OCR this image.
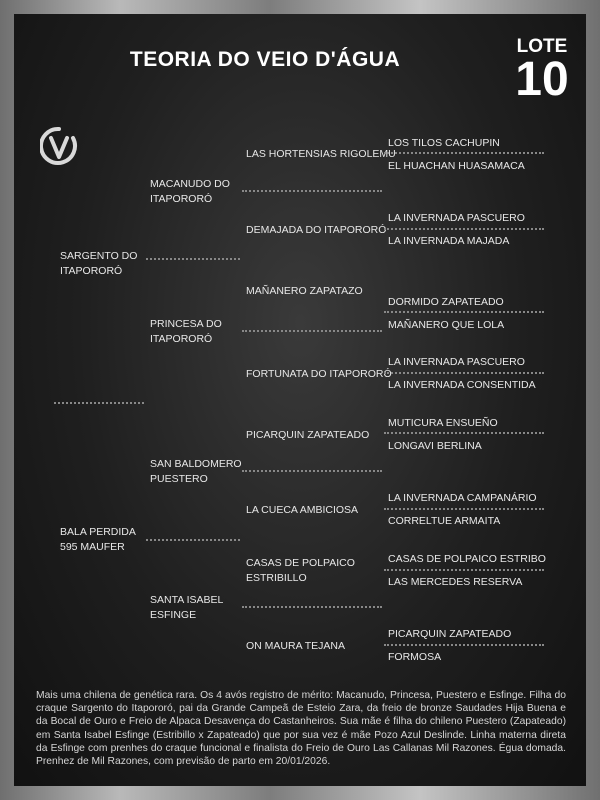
TEORIA DO VEIO D'ÁGUA
LOTE
10
SARGENTO DO
ITAPORORÓ
BALA PERDIDA
595 MAUFER
MACANUDO DO
ITAPORORÓ
PRINCESA DO
ITAPORORÓ
SAN BALDOMERO
PUESTERO
SANTA ISABEL
ESFINGE
LAS HORTENSIAS RIGOLEMU
DEMAJADA DO ITAPORORÓ
MAÑANERO ZAPATAZO
FORTUNATA DO ITAPORORÓ
PICARQUIN ZAPATEADO
LA CUECA AMBICIOSA
CASAS DE POLPAICO
ESTRIBILLO
ON MAURA TEJANA
LOS TILOS CACHUPIN
EL HUACHAN HUASAMACA
LA INVERNADA PASCUERO
LA INVERNADA MAJADA
DORMIDO ZAPATEADO
MAÑANERO QUE LOLA
LA INVERNADA PASCUERO
LA INVERNADA CONSENTIDA
MUTICURA ENSUEÑO
LONGAVI BERLINA
LA INVERNADA CAMPANÁRIO
CORRELTUE ARMAITA
CASAS DE POLPAICO ESTRIBO
LAS MERCEDES RESERVA
PICARQUIN ZAPATEADO
FORMOSA
Mais uma chilena de genética rara. Os 4 avós registro de mérito: Macanudo, Princesa, Puestero e Esfinge. Filha do craque Sargento do Itapororó, pai da Grande Campeã de Esteio Zara, da freio de bronze Saudades Hija Buena e da Bocal de Ouro e Freio de Alpaca Desavença do Castanheiros. Sua mãe é filha do chileno Puestero (Zapateado) em Santa Isabel Esfinge (Estribillo x Zapateado) que por sua vez é mãe Pozo Azul Deslinde. Linha materna direta da Esfinge com prenhes do craque funcional e finalista do Freio de Ouro Las Callanas Mil Razones. Égua domada. Prenhez de Mil Razones, com previsão de parto em 20/01/2026.
